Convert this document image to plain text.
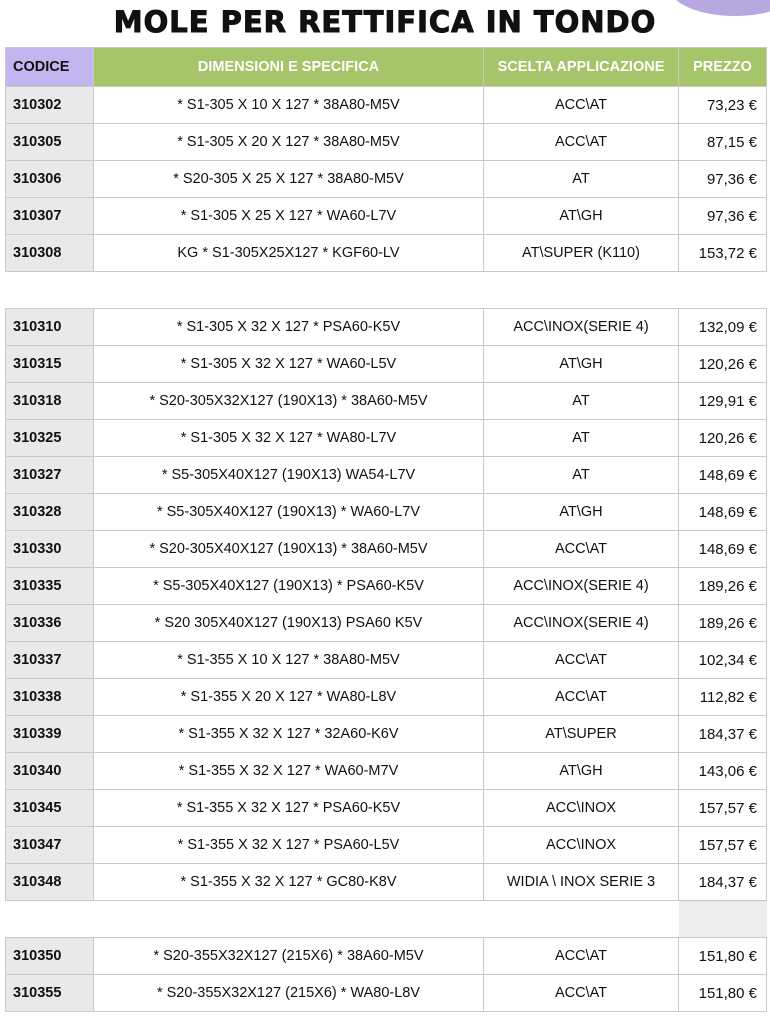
MOLE PER RETTIFICA IN TONDO
CODICE	DIMENSIONI E SPECIFICA	SCELTA APPLICAZIONE	PREZZO
310302	* S1-305 X 10 X 127 * 38A80-M5V	ACC\AT	73,23 €
310305	* S1-305 X 20 X 127 * 38A80-M5V	ACC\AT	87,15 €
310306	* S20-305 X 25 X 127 * 38A80-M5V	AT	97,36 €
310307	* S1-305 X 25 X 127 * WA60-L7V	AT\GH	97,36 €
310308	KG * S1-305X25X127 * KGF60-LV	AT\SUPER (K110)	153,72 €

310310	* S1-305 X 32 X 127 * PSA60-K5V	ACC\INOX(SERIE 4)	132,09 €
310315	* S1-305 X 32 X 127 * WA60-L5V	AT\GH	120,26 €
310318	* S20-305X32X127 (190X13) * 38A60-M5V	AT	129,91 €
310325	* S1-305 X 32 X 127 * WA80-L7V	AT	120,26 €
310327	* S5-305X40X127 (190X13) WA54-L7V	AT	148,69 €
310328	* S5-305X40X127 (190X13) * WA60-L7V	AT\GH	148,69 €
310330	* S20-305X40X127 (190X13) * 38A60-M5V	ACC\AT	148,69 €
310335	* S5-305X40X127 (190X13) * PSA60-K5V	ACC\INOX(SERIE 4)	189,26 €
310336	* S20 305X40X127 (190X13) PSA60 K5V	ACC\INOX(SERIE 4)	189,26 €
310337	* S1-355 X 10 X 127 * 38A80-M5V	ACC\AT	102,34 €
310338	* S1-355 X 20 X 127 * WA80-L8V	ACC\AT	112,82 €
310339	* S1-355 X 32 X 127 * 32A60-K6V	AT\SUPER	184,37 €
310340	* S1-355 X 32 X 127 * WA60-M7V	AT\GH	143,06 €
310345	* S1-355 X 32 X 127 * PSA60-K5V	ACC\INOX	157,57 €
310347	* S1-355 X 32 X 127 * PSA60-L5V	ACC\INOX	157,57 €
310348	* S1-355 X 32 X 127 * GC80-K8V	WIDIA \ INOX SERIE 3	184,37 €

310350	* S20-355X32X127 (215X6) * 38A60-M5V	ACC\AT	151,80 €
310355	* S20-355X32X127 (215X6) * WA80-L8V	ACC\AT	151,80 €
